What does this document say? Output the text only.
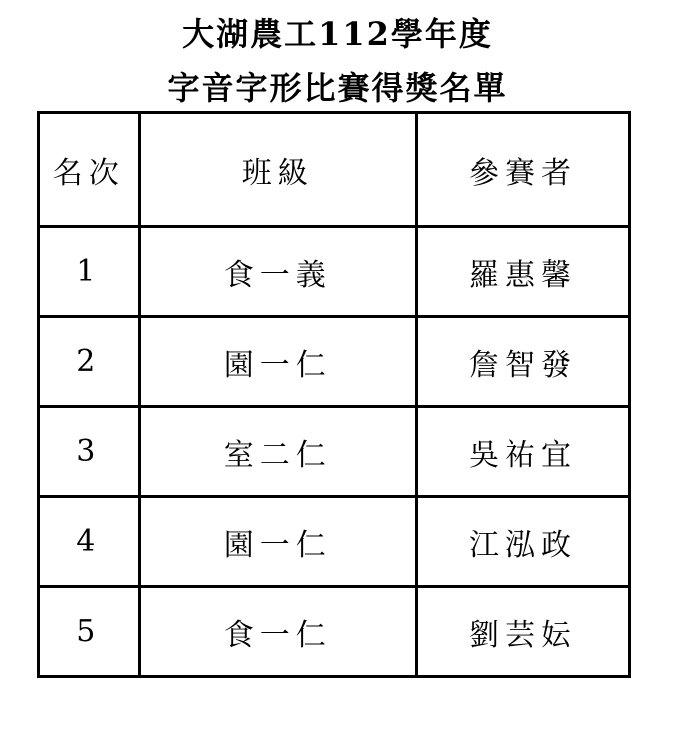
大湖農工112學年度
字音字形比賽得獎名單
名次	班級	參賽者
1	食一義	羅惠馨
2	園一仁	詹智發
3	室二仁	吳祐宜
4	園一仁	江泓政
5	食一仁	劉芸妘
